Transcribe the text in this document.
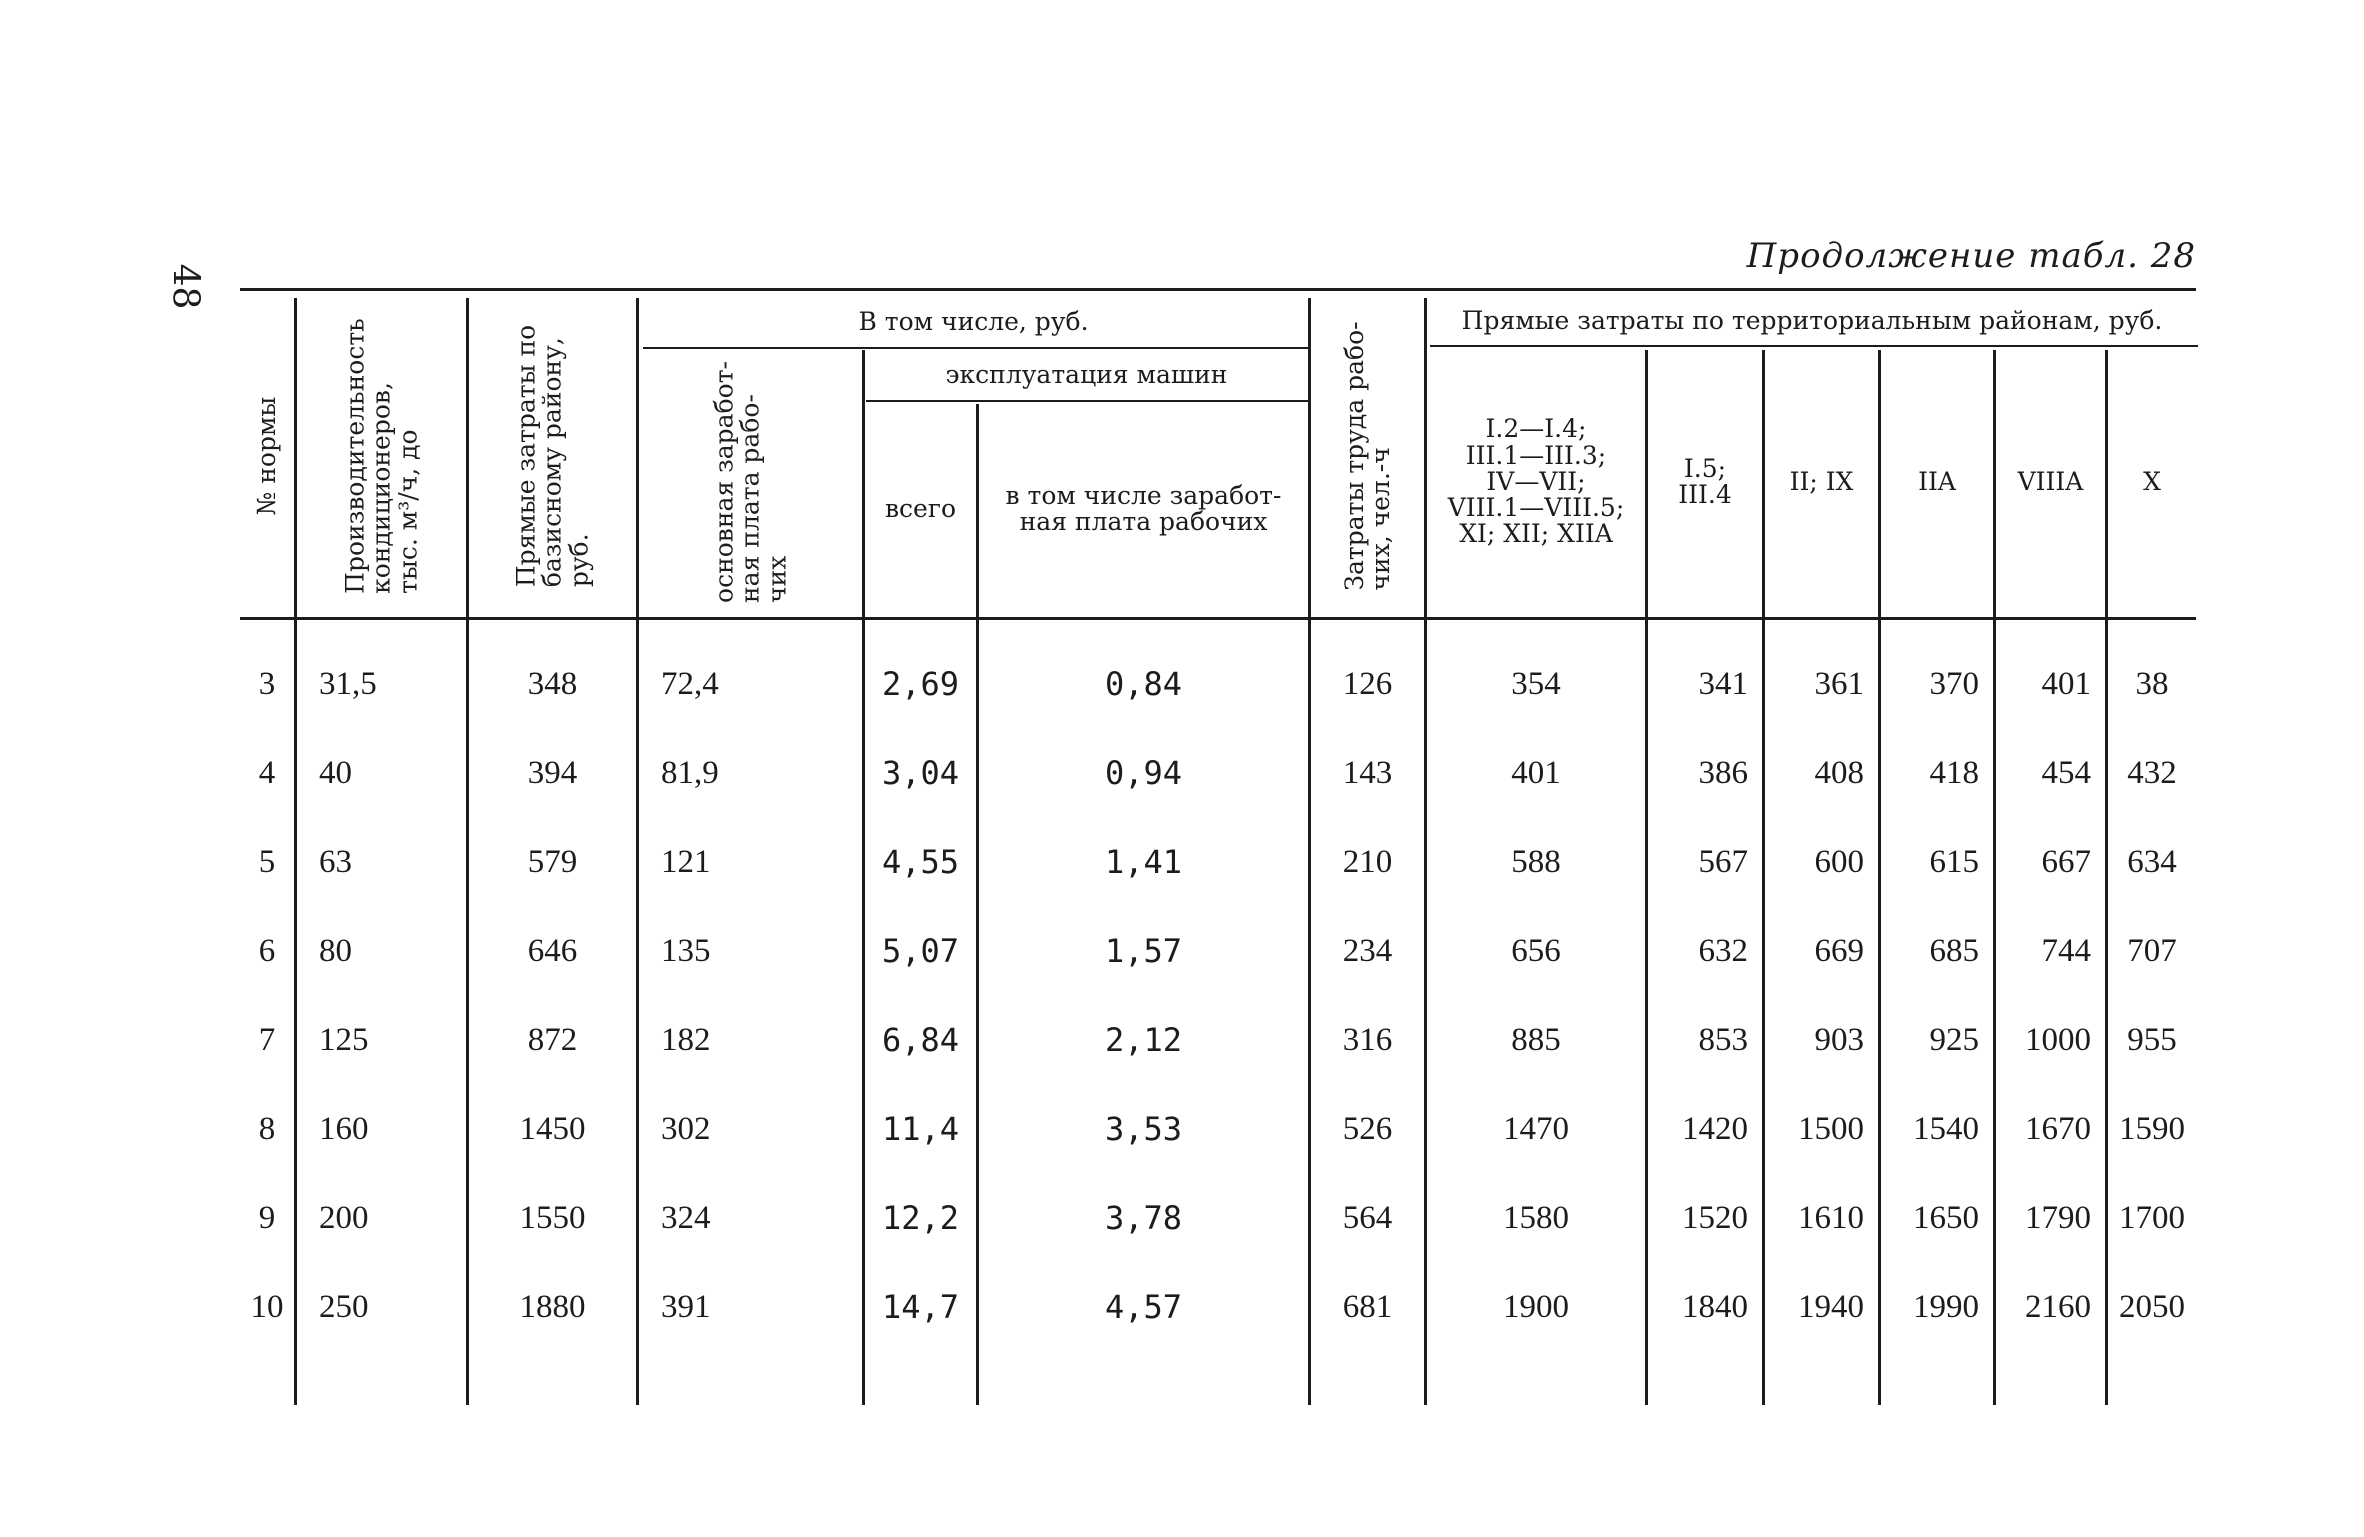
48
Продолжение табл. 28
№ нормы Производительность
кондиционеров,
тыс. м³/ч, до	Прямые затраты по
базисному району,
руб.	основная заработ-
ная плата рабо-
чих	Затраты труда рабо-
чих, чел.-ч
В том числе, руб.
эксплуатация машин
всего	в том числе заработ-
ная плата рабочих
Прямые затраты по территориальным районам, руб.
I.2—I.4;
III.1—III.3;
IV—VII;
VIII.1—VIII.5;
XI; XII; XIIA
I.5;
III.4	II; IX	IIA	VIIIA	X
3	31,5	348	72,4	2,69	0,84	126	354	341	361	370	401	38
4	40	394	81,9	3,04	0,94	143	401	386	408	418	454	432
5	63	579	121	4,55	1,41	210	588	567	600	615	667	634
6	80	646	135	5,07	1,57	234	656	632	669	685	744	707
7	125	872	182	6,84	2,12	316	885	853	903	925	1000	955
8	160	1450	302	11,4	3,53	526	1470	1420	1500	1540	1670 1590
9	200	1550	324	12,2	3,78	564	1580	1520	1610	1650	1790 1700
10	250	1880	391	14,7	4,57	681	1900	1840	1940	1990	2160 2050
